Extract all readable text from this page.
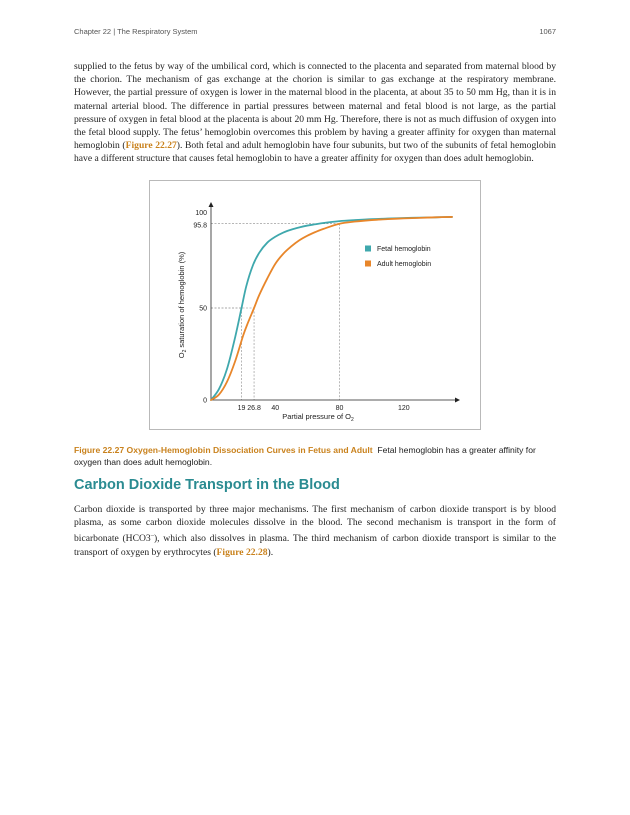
Chapter 22 | The Respiratory System	1067

supplied to the fetus by way of the umbilical cord, which is connected to the placenta and separated from maternal blood by the chorion. The mechanism of gas exchange at the chorion is similar to gas exchange at the respiratory membrane. However, the partial pressure of oxygen is lower in the maternal blood in the placenta, at about 35 to 50 mm Hg, than it is in maternal arterial blood. The difference in partial pressures between maternal and fetal blood is not large, as the partial pressure of oxygen in fetal blood at the placenta is about 20 mm Hg. Therefore, there is not as much diffusion of oxygen into the fetal blood supply. The fetus’ hemoglobin overcomes this problem by having a greater affinity for oxygen than maternal hemoglobin (Figure 22.27). Both fetal and adult hemoglobin have four subunits, but two of the subunits of fetal hemoglobin have a different structure that causes fetal hemoglobin to have a greater affinity for oxygen than does adult hemoglobin.

19 26.8 40	80	120
0
50
95.8
100
Fetal hemoglobin
Adult hemoglobin
Partial pressure of $O_2$
$O_2saturation$ of hemoglobin (%)

Figure 22.27 Oxygen-Hemoglobin Dissociation Curves in Fetus and Adult Fetal hemoglobin has a greater affinity for oxygen than does adult hemoglobin.

Carbon Dioxide Transport in the Blood

Carbon dioxide is transported by three major mechanisms. The first mechanism of carbon dioxide transport is by blood plasma, as some carbon dioxide molecules dissolve in the blood. The second mechanism is transport in the form of bicarbonate (HCO3–), which also dissolves in plasma. The third mechanism of carbon dioxide transport is similar to the transport of oxygen by erythrocytes (Figure 22.28).
